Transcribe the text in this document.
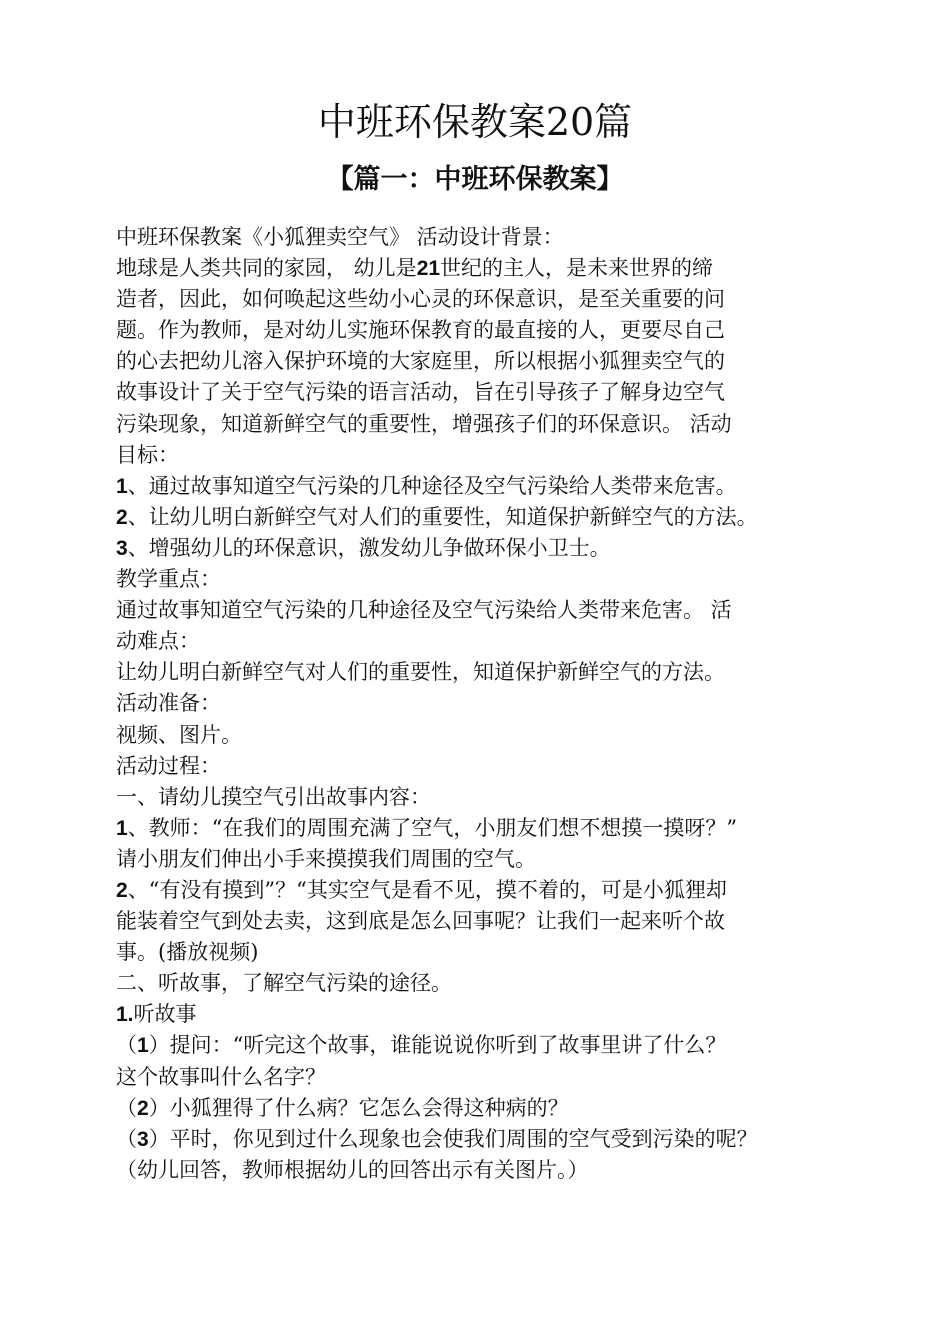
中班环保教案20篇
【篇一：中班环保教案】
中班环保教案《小狐狸卖空气》 活动设计背景：
地球是人类共同的家园， 幼儿是21世纪的主人，是未来世界的缔
造者，因此，如何唤起这些幼小心灵的环保意识，是至关重要的问
题。作为教师，是对幼儿实施环保教育的最直接的人，更要尽自己
的心去把幼儿溶入保护环境的大家庭里，所以根据小狐狸卖空气的
故事设计了关于空气污染的语言活动，旨在引导孩子了解身边空气
污染现象，知道新鲜空气的重要性，增强孩子们的环保意识。 活动
目标：
1、通过故事知道空气污染的几种途径及空气污染给人类带来危害。
2、让幼儿明白新鲜空气对人们的重要性，知道保护新鲜空气的方法。
3、增强幼儿的环保意识，激发幼儿争做环保小卫士。
教学重点：
通过故事知道空气污染的几种途径及空气污染给人类带来危害。 活
动难点：
让幼儿明白新鲜空气对人们的重要性，知道保护新鲜空气的方法。
活动准备：
视频、图片。
活动过程：
一、请幼儿摸空气引出故事内容：
1、教师：“在我们的周围充满了空气，小朋友们想不想摸一摸呀？”
请小朋友们伸出小手来摸摸我们周围的空气。
2、“有没有摸到”？“其实空气是看不见，摸不着的，可是小狐狸却
能装着空气到处去卖，这到底是怎么回事呢？让我们一起来听个故
事。(播放视频)
二、听故事，了解空气污染的途径。
1.听故事
（1）提问：“听完这个故事，谁能说说你听到了故事里讲了什么？
这个故事叫什么名字？
（2）小狐狸得了什么病？它怎么会得这种病的？
（3）平时，你见到过什么现象也会使我们周围的空气受到污染的呢？
（幼儿回答，教师根据幼儿的回答出示有关图片。）
